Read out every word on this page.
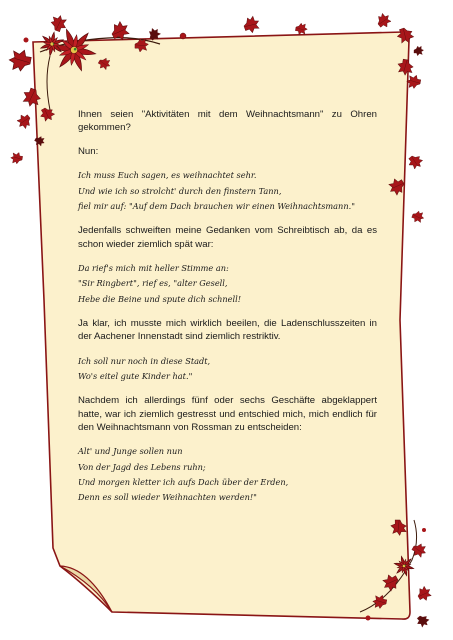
Ihnen seien "Aktivitäten mit dem Weihnachtsmann" zu Ohren gekommen?

Nun:

Ich muss Euch sagen, es weihnachtet sehr.
Und wie ich so strolcht' durch den finstern Tann,
fiel mir auf: "Auf dem Dach brauchen wir einen Weihnachtsmann."

Jedenfalls schweiften meine Gedanken vom Schreibtisch ab, da es schon wieder ziemlich spät war:

Da rief's mich mit heller Stimme an:
"Sir Ringbert", rief es, "alter Gesell,
Hebe die Beine und spute dich schnell!

Ja klar, ich musste mich wirklich beeilen, die Ladenschlusszeiten in der Aachener Innenstadt sind ziemlich restriktiv.

Ich soll nur noch in diese Stadt,
Wo's eitel gute Kinder hat."

Nachdem ich allerdings fünf oder sechs Geschäfte abgeklappert hatte, war ich ziemlich gestresst und entschied mich, mich endlich für den Weihnachtsmann von Rossman zu entscheiden:

Alt' und Junge sollen nun
Von der Jagd des Lebens ruhn;
Und morgen kletter ich aufs Dach über der Erden,
Denn es soll wieder Weihnachten werden!"
